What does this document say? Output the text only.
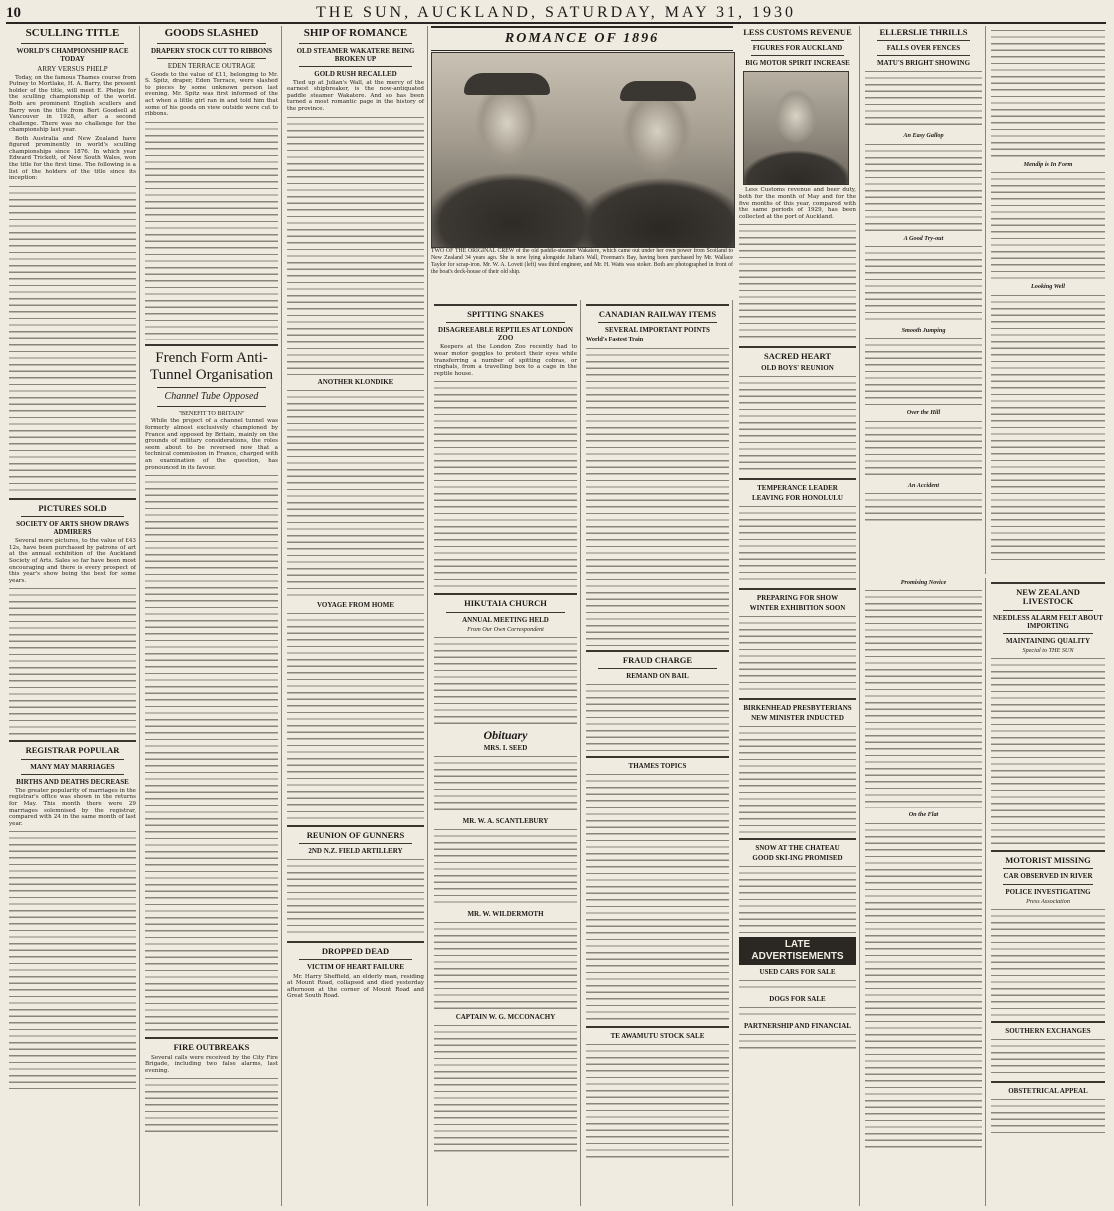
10	THE SUN, AUCKLAND, SATURDAY, MAY 31, 1930
SCULLING TITLE
WORLD'S CHAMPIONSHIP RACE TODAY
ARRY VERSUS PHELP

Today, on the famous Thames course from Putney to Mortlake, H. A. Barry, the present holder of the title, will meet E. Phelps for the sculling championship of the world. Both are prominent English scullers and Barry won the title from Bert Goodsell at Vancouver in 1928, after a second challenge. There was no challenge for the championship last year.

Both Australia and New Zealand have figured prominently in world's sculling championships since 1876. In which year Edward Trickett, of New South Wales, won the title for the first time. The following is a list of the holders of the title since its inception:

PICTURES SOLD
SOCIETY OF ARTS SHOW DRAWS ADMIRERS

Several more pictures, to the value of £43 12s, have been purchased by patrons of art at the annual exhibition of the Auckland Society of Arts. Sales so far have been most encouraging and there is every prospect of this year's show being the best for some years.

REGISTRAR POPULAR
MANY MAY MARRIAGES
BIRTHS AND DEATHS DECREASE

The greater popularity of marriages in the registrar's office was shown in the returns for May. This month there were 29 marriages solemnised by the registrar, compared with 24 in the same month of last year.

GOODS SLASHED
DRAPERY STOCK CUT TO RIBBONS
EDEN TERRACE OUTRAGE

Goods to the value of £11, belonging to Mr. S. Spitz, draper, Eden Terrace, were slashed to pieces by some unknown person last evening. Mr. Spitz was first informed of the act when a little girl ran in and told him that some of his goods on view outside were cut to ribbons.

French Form Anti-Tunnel Organisation
Channel Tube Opposed
"BENEFIT TO BRITAIN"

While the project of a channel tunnel was formerly almost exclusively championed by France and opposed by Britain, mainly on the grounds of military considerations, the roles seem about to be reversed now that a technical commission in France, charged with an examination of the question, has pronounced in its favour.

FIRE OUTBREAKS

Several calls were received by the City Fire Brigade, including two false alarms, last evening.

SHIP OF ROMANCE
OLD STEAMER WAKATERE BEING BROKEN UP
GOLD RUSH RECALLED

Tied up at Julian's Wall, at the mercy of the earnest shipbreaker, is the now-antiquated paddle steamer Wakatere. And so has been turned a most romantic page in the history of the province.

ANOTHER KLONDIKE
VOYAGE FROM HOME
REUNION OF GUNNERS
2ND N.Z. FIELD ARTILLERY
DROPPED DEAD
VICTIM OF HEART FAILURE

Mr. Harry Sheffield, an elderly man, residing at Mount Road, collapsed and died yesterday afternoon at the corner of Mount Road and Great South Road.

ROMANCE OF 1896
TWO OF THE ORIGINAL CREW of the old paddle-steamer Wakatere, which came out under her own power from Scotland to New Zealand 34 years ago. She is now lying alongside Julian's Wall, Freeman's Bay, having been purchased by Mr. Wallace Taylor for scrap-iron. Mr. W. A. Lovett (left) was third engineer, and Mr. H. Watts was stoker. Both are photographed in front of the boat's deck-house of their old ship.
SPITTING SNAKES
DISAGREEABLE REPTILES AT LONDON ZOO

Keepers at the London Zoo recently had to wear motor goggles to protect their eyes while transferring a number of spitting cobras, or ringhals, from a travelling box to a cage in the reptile house.

HIKUTAIA CHURCH
ANNUAL MEETING HELD
From Our Own Correspondent
Obituary
MRS. I. SEED
MR. W. A. SCANTLEBURY
MR. W. WILDERMOTH
CAPTAIN W. G. MCCONACHY
CANADIAN RAILWAY ITEMS
SEVERAL IMPORTANT POINTS
World's Fastest Train
FRAUD CHARGE
REMAND ON BAIL
THAMES TOPICS
TE AWAMUTU STOCK SALE
LESS CUSTOMS REVENUE
FIGURES FOR AUCKLAND
BIG MOTOR SPIRIT INCREASE

Less Customs revenue and beer duty, both for the month of May and for the five months of this year, compared with the same periods of 1929, has been collected at the port of Auckland.

SACRED HEART
OLD BOYS' REUNION
TEMPERANCE LEADER
LEAVING FOR HONOLULU
PREPARING FOR SHOW
WINTER EXHIBITION SOON
BIRKENHEAD PRESBYTERIANS
NEW MINISTER INDUCTED
SNOW AT THE CHATEAU
GOOD SKI-ING PROMISED
LATE ADVERTISEMENTS
USED CARS FOR SALE
DOGS FOR SALE
PARTNERSHIP AND FINANCIAL
ELLERSLIE THRILLS
FALLS OVER FENCES
MATU'S BRIGHT SHOWING
An Easy Gallop
A Good Try-out
Smooth Jumping
Over the Hill
An Accident
Mendip is In Form
Looking Well
Promising Novice
On the Flat
NEW ZEALAND LIVESTOCK
NEEDLESS ALARM FELT ABOUT IMPORTING
MAINTAINING QUALITY
Special to THE SUN
MOTORIST MISSING
CAR OBSERVED IN RIVER
POLICE INVESTIGATING
Press Association
SOUTHERN EXCHANGES
OBSTETRICAL APPEAL
